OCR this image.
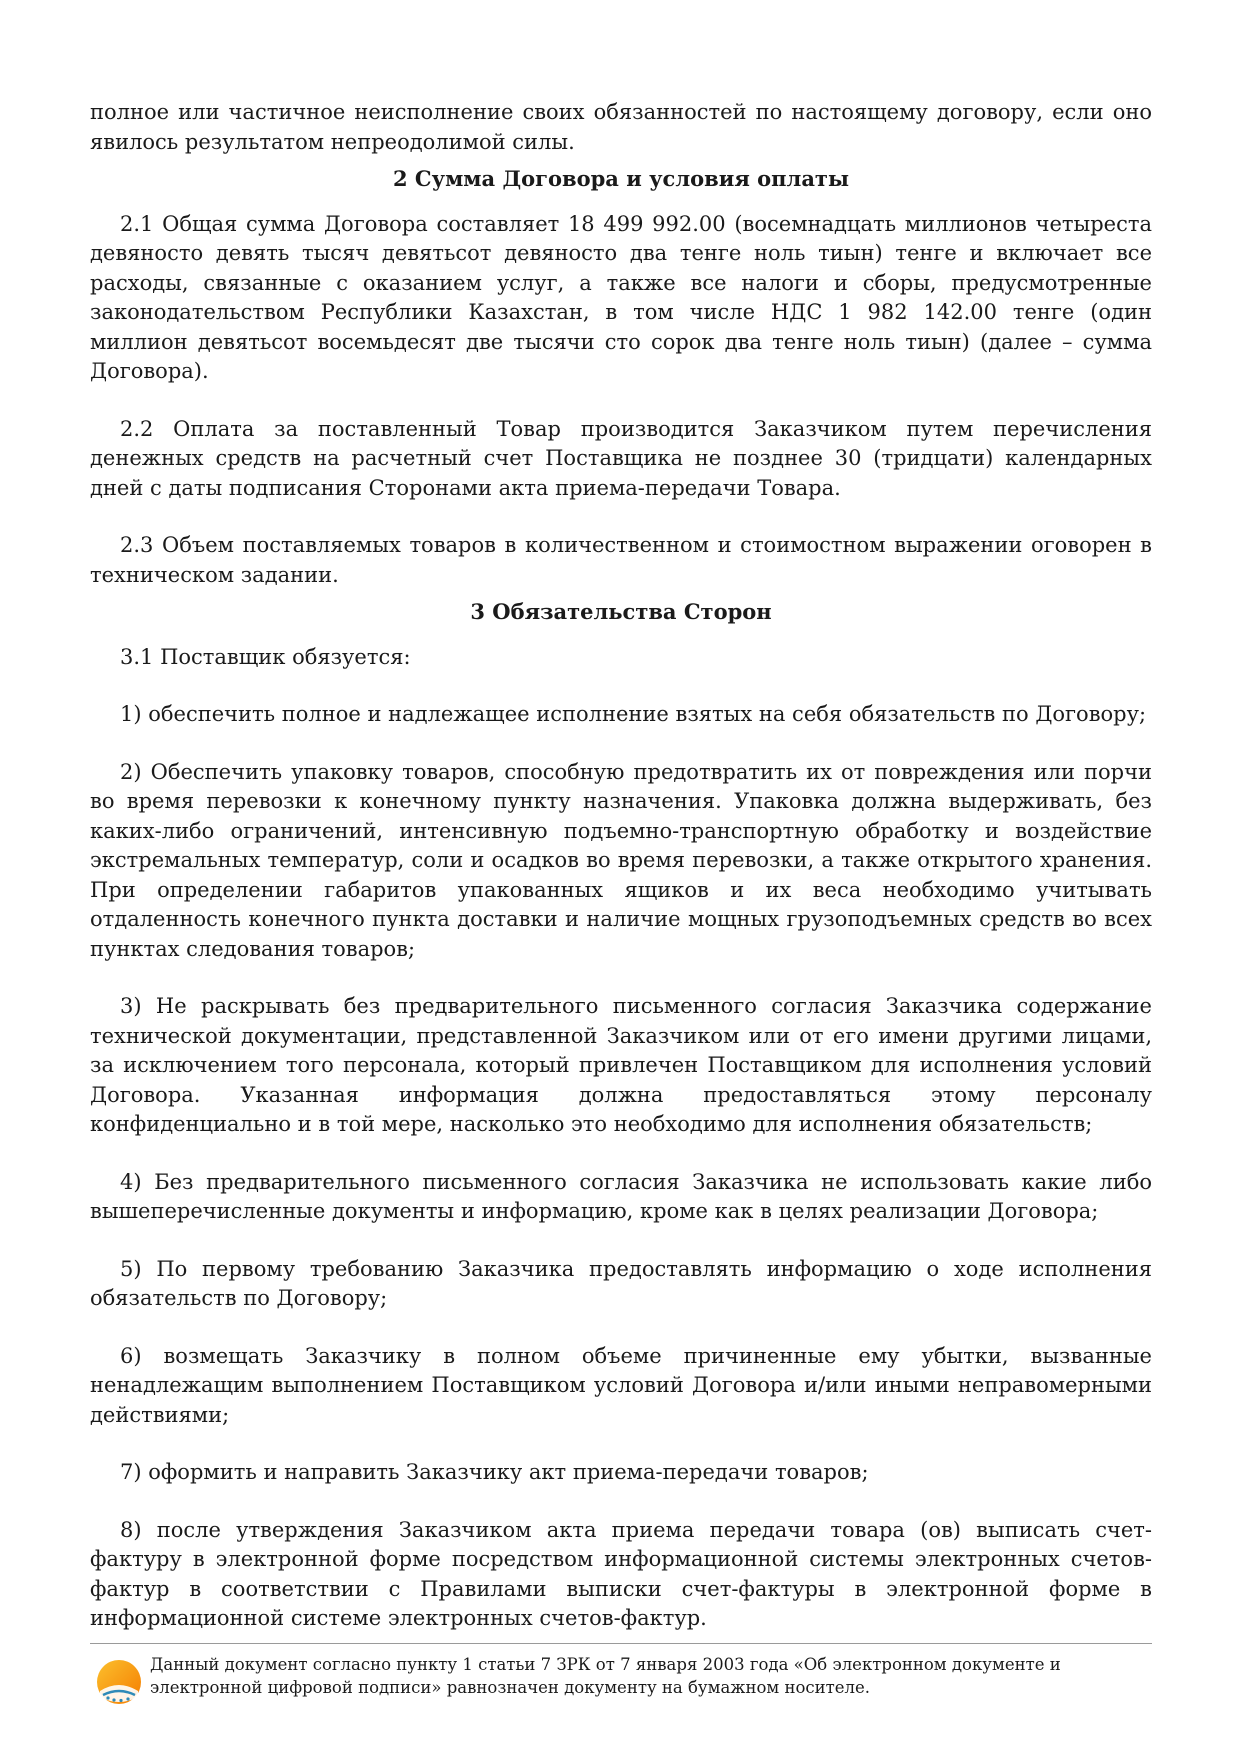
полное или частичное неисполнение своих обязанностей по настоящему договору, если оно явилось результатом непреодолимой силы.

2 Сумма Договора и условия оплаты

2.1 Общая сумма Договора составляет 18 499 992.00 (восемнадцать миллионов четыреста девяносто девять тысяч девятьсот девяносто два тенге ноль тиын) тенге и включает все расходы, связанные с оказанием услуг, а также все налоги и сборы, предусмотренные законодательством Республики Казахстан, в том числе НДС 1 982 142.00 тенге (один миллион девятьсот восемьдесят две тысячи сто сорок два тенге ноль тиын) (далее – сумма Договора).

2.2 Оплата за поставленный Товар производится Заказчиком путем перечисления денежных средств на расчетный счет Поставщика не позднее 30 (тридцати) календарных дней с даты подписания Сторонами акта приема-передачи Товара.

2.3 Объем поставляемых товаров в количественном и стоимостном выражении оговорен в техническом задании.

3 Обязательства Сторон

3.1 Поставщик обязуется:

1) обеспечить полное и надлежащее исполнение взятых на себя обязательств по Договору;

2) Обеспечить упаковку товаров, способную предотвратить их от повреждения или порчи во время перевозки к конечному пункту назначения. Упаковка должна выдерживать, без каких-либо ограничений, интенсивную подъемно-транспортную обработку и воздействие экстремальных температур, соли и осадков во время перевозки, а также открытого хранения. При определении габаритов упакованных ящиков и их веса необходимо учитывать отдаленность конечного пункта доставки и наличие мощных грузоподъемных средств во всех пунктах следования товаров;

3) Не раскрывать без предварительного письменного согласия Заказчика содержание технической документации, представленной Заказчиком или от его имени другими лицами, за исключением того персонала, который привлечен Поставщиком для исполнения условий Договора. Указанная информация должна предоставляться этому персоналу конфиденциально и в той мере, насколько это необходимо для исполнения обязательств;

4) Без предварительного письменного согласия Заказчика не использовать какие либо вышеперечисленные документы и информацию, кроме как в целях реализации Договора;

5) По первому требованию Заказчика предоставлять информацию о ходе исполнения обязательств по Договору;

6) возмещать Заказчику в полном объеме причиненные ему убытки, вызванные ненадлежащим выполнением Поставщиком условий Договора и/или иными неправомерными действиями;

7) оформить и направить Заказчику акт приема-передачи товаров;

8) после утверждения Заказчиком акта приема передачи товара (ов) выписать счет-фактуру в электронной форме посредством информационной системы электронных счетов-фактур в соответствии с Правилами выписки счет-фактуры в электронной форме в информационной системе электронных счетов-фактур.

Данный документ согласно пункту 1 статьи 7 ЗРК от 7 января 2003 года «Об электронном документе и электронной цифровой подписи» равнозначен документу на бумажном носителе.
